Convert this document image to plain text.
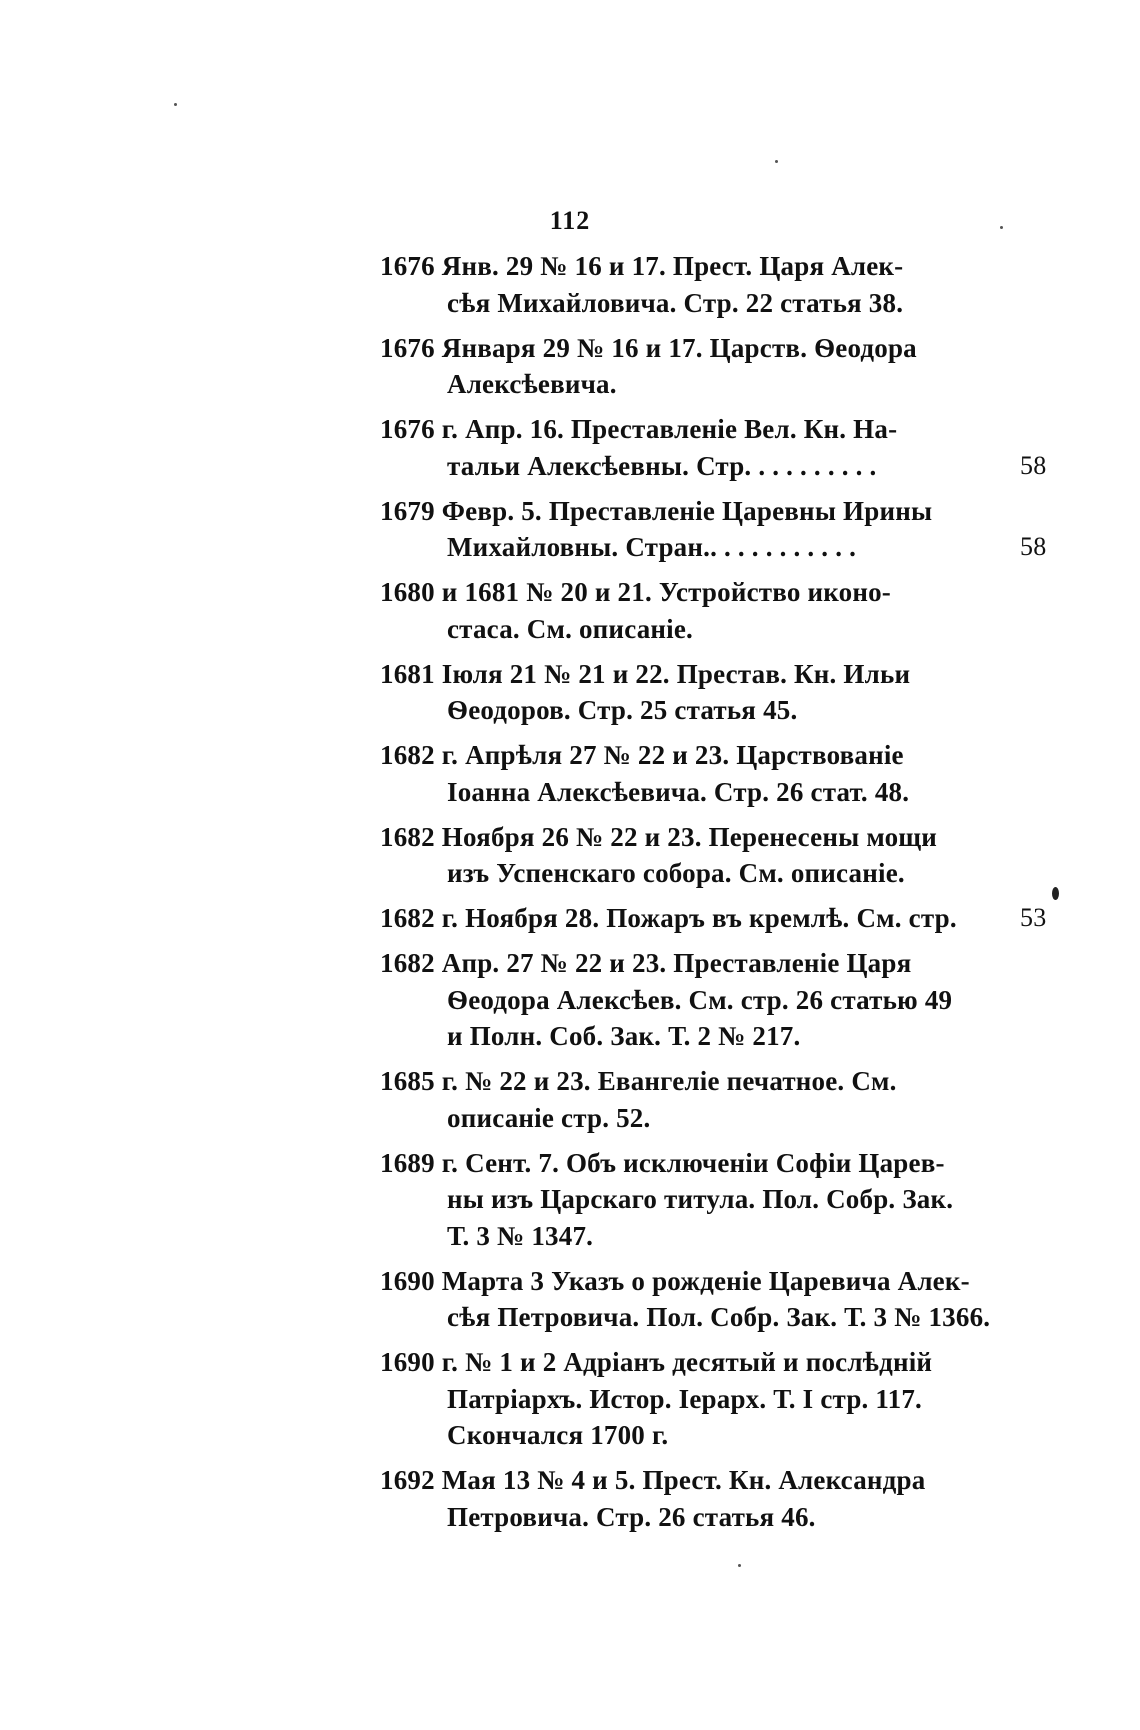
112
1676 Янв. 29 № 16 и 17. Прест. Царя Алек-
сѣя Михайловича. Стр. 22 статья 38.
1676 Января 29 № 16 и 17. Царств. Ѳеодора
Алексѣевича.
1676 г. Апр. 16. Преставленіе Вел. Кн. На-
тальи Алексѣевны. Стр. . . . . . . . . .	58
1679 Февр. 5. Преставленіе Царевны Ирины
Михайловны. Стран.. . . . . . . . . . .	58
1680 и 1681 № 20 и 21. Устройство иконо-
стаса. См. описаніе.
1681 Іюля 21 № 21 и 22. Престав. Кн. Ильи
Ѳеодоров. Стр. 25 статья 45.
1682 г. Апрѣля 27 № 22 и 23. Царствованіе
Іоанна Алексѣевича. Стр. 26 стат. 48.
1682 Ноября 26 № 22 и 23. Перенесены мощи
изъ Успенскаго собора. См. описаніе.
1682 г. Ноября 28. Пожаръ въ кремлѣ. См. стр.	53
1682 Апр. 27 № 22 и 23. Преставленіе Царя
Ѳеодора Алексѣев. См. стр. 26 статью 49
и Полн. Соб. Зак. Т. 2 № 217.
1685 г. № 22 и 23. Евангеліе печатное. См.
описаніе стр. 52.
1689 г. Сент. 7. Объ исключеніи Софіи Царев-
ны изъ Царскаго титула. Пол. Собр. Зак.
Т. 3 № 1347.
1690 Марта 3 Указъ о рожденіе Царевича Алек-
сѣя Петровича. Пол. Собр. Зак. Т. 3 № 1366.
1690 г. № 1 и 2 Адріанъ десятый и послѣдній
Патріархъ. Истор. Іерарх. Т. I стр. 117.
Скончался 1700 г.
1692 Мая 13 № 4 и 5. Прест. Кн. Александра
Петровича. Стр. 26 статья 46.
